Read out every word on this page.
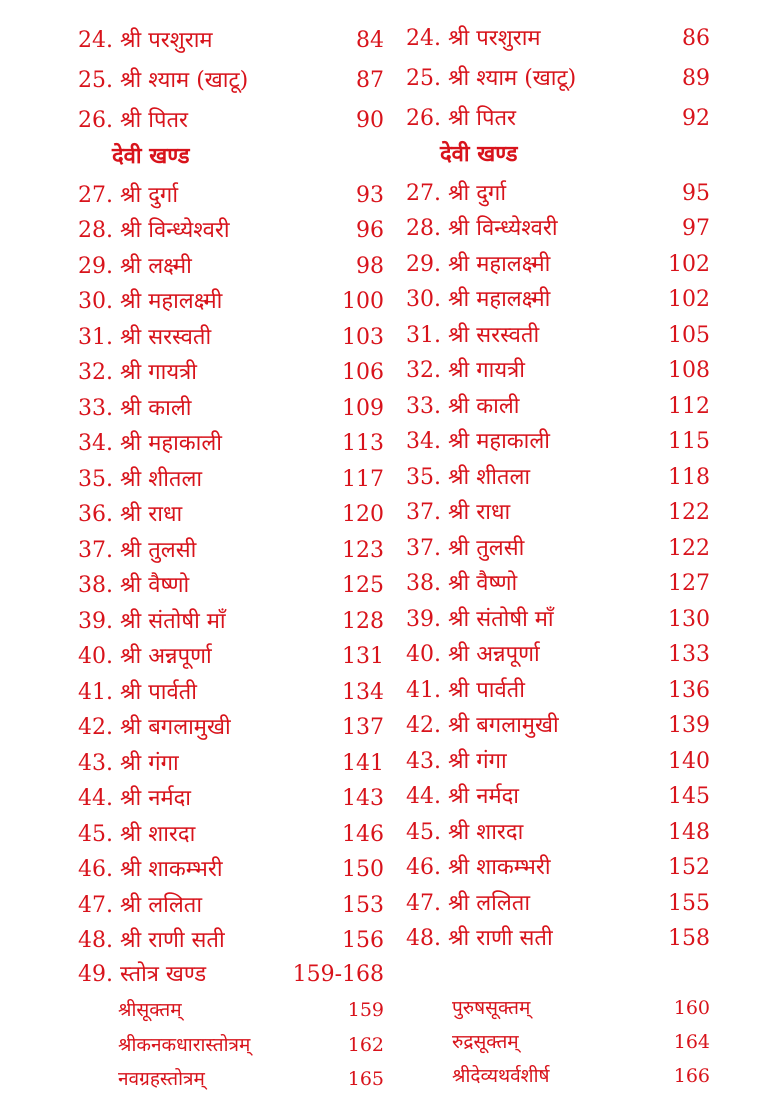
24. श्री परशुराम	84
25. श्री श्याम (खाटू)	87
26. श्री पितर	90
देवी खण्ड
27. श्री दुर्गा	93
28. श्री विन्ध्येश्वरी	96
29. श्री लक्ष्मी	98
30. श्री महालक्ष्मी	100
31. श्री सरस्वती	103
32. श्री गायत्री	106
33. श्री काली	109
34. श्री महाकाली	113
35. श्री शीतला	117
36. श्री राधा	120
37. श्री तुलसी	123
38. श्री वैष्णो	125
39. श्री संतोषी माँ	128
40. श्री अन्नपूर्णा	131
41. श्री पार्वती	134
42. श्री बगलामुखी	137
43. श्री गंगा	141
44. श्री नर्मदा	143
45. श्री शारदा	146
46. श्री शाकम्भरी	150
47. श्री ललिता	153
48. श्री राणी सती	156
49. स्तोत्र खण्ड	159-168
श्रीसूक्तम्	159
श्रीकनकधारास्तोत्रम्	162
नवग्रहस्तोत्रम्	165
24. श्री परशुराम	86
25. श्री श्याम (खाटू)	89
26. श्री पितर	92
देवी खण्ड
27. श्री दुर्गा	95
28. श्री विन्ध्येश्वरी	97
29. श्री महालक्ष्मी	102
30. श्री महालक्ष्मी	102
31. श्री सरस्वती	105
32. श्री गायत्री	108
33. श्री काली	112
34. श्री महाकाली	115
35. श्री शीतला	118
37. श्री राधा	122
37. श्री तुलसी	122
38. श्री वैष्णो	127
39. श्री संतोषी माँ	130
40. श्री अन्नपूर्णा	133
41. श्री पार्वती	136
42. श्री बगलामुखी	139
43. श्री गंगा	140
44. श्री नर्मदा	145
45. श्री शारदा	148
46. श्री शाकम्भरी	152
47. श्री ललिता	155
48. श्री राणी सती	158
पुरुषसूक्तम्	160
रुद्रसूक्तम्	164
श्रीदेव्यथर्वशीर्ष	166
